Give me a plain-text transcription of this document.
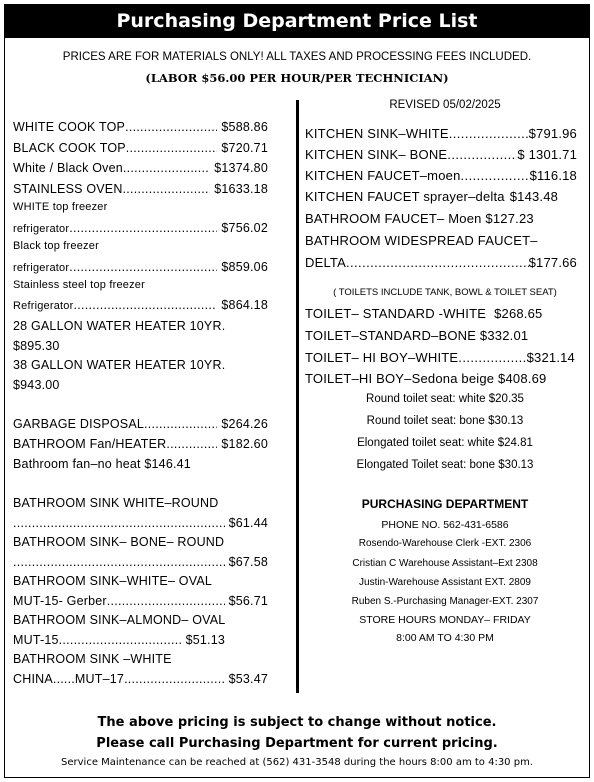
Purchasing Department Price List
PRICES ARE FOR MATERIALS ONLY! ALL TAXES AND PROCESSING FEES INCLUDED.
(LABOR $56.00 PER HOUR/PER TECHNICIAN)
WHITE COOK TOP . . .	$588.86
BLACK COOK TOP . . .	$720.71
White / Black Oven . . .	$1374.80
STAINLESS OVEN . . .	$1633.18
WHITE top freezer
refrigerator . . .	$756.02
Black top freezer
refrigerator . . .	$859.06
Stainless steel top freezer
Refrigerator . . .	$864.18
28 GALLON WATER HEATER 10YR.
$895.30
38 GALLON WATER HEATER 10YR.
$943.00
GARBAGE DISPOSAL . . .	$264.26
BATHROOM Fan/HEATER . . .	$182.60
Bathroom fan–no heat $146.41
BATHROOM SINK WHITE–ROUND
. . .
$61.44
BATHROOM SINK– BONE– ROUND
. . .
$67.58
BATHROOM SINK–WHITE– OVAL
MUT-15- Gerber . . .	$56.71
BATHROOM SINK–ALMOND– OVAL
MUT-15 . . .	$51.13
BATHROOM SINK –WHITE
CHINA......MUT–17 . . .	$53.47
REVISED 05/02/2025
KITCHEN SINK–WHITE . . .	$791.96
KITCHEN SINK– BONE . . .	$ 1301.71
KITCHEN FAUCET–moen . . .	$116.18
KITCHEN FAUCET sprayer–delta $143.48
BATHROOM FAUCET– Moen $127.23
BATHROOM WIDESPREAD FAUCET–
DELTA . . .	$177.66
( TOILETS INCLUDE TANK, BOWL & TOILET SEAT)
TOILET– STANDARD -WHITE $268.65
TOILET–STANDARD–BONE $332.01
TOILET– HI BOY–WHITE . . .	$321.14
TOILET–HI BOY–Sedona beige $408.69
Round toilet seat: white $20.35
Round toilet seat: bone $30.13
Elongated toilet seat: white $24.81
Elongated Toilet seat: bone $30.13
PURCHASING DEPARTMENT
PHONE NO. 562-431-6586
Rosendo-Warehouse Clerk -EXT. 2306
Cristian C Warehouse Assistant–Ext 2308
Justin-Warehouse Assistant EXT. 2809
Ruben S.-Purchasing Manager-EXT. 2307
STORE HOURS MONDAY– FRIDAY
8:00 AM TO 4:30 PM
The above pricing is subject to change without notice.
Please call Purchasing Department for current pricing.
Service Maintenance can be reached at (562) 431-3548 during the hours 8:00 am to 4:30 pm.
